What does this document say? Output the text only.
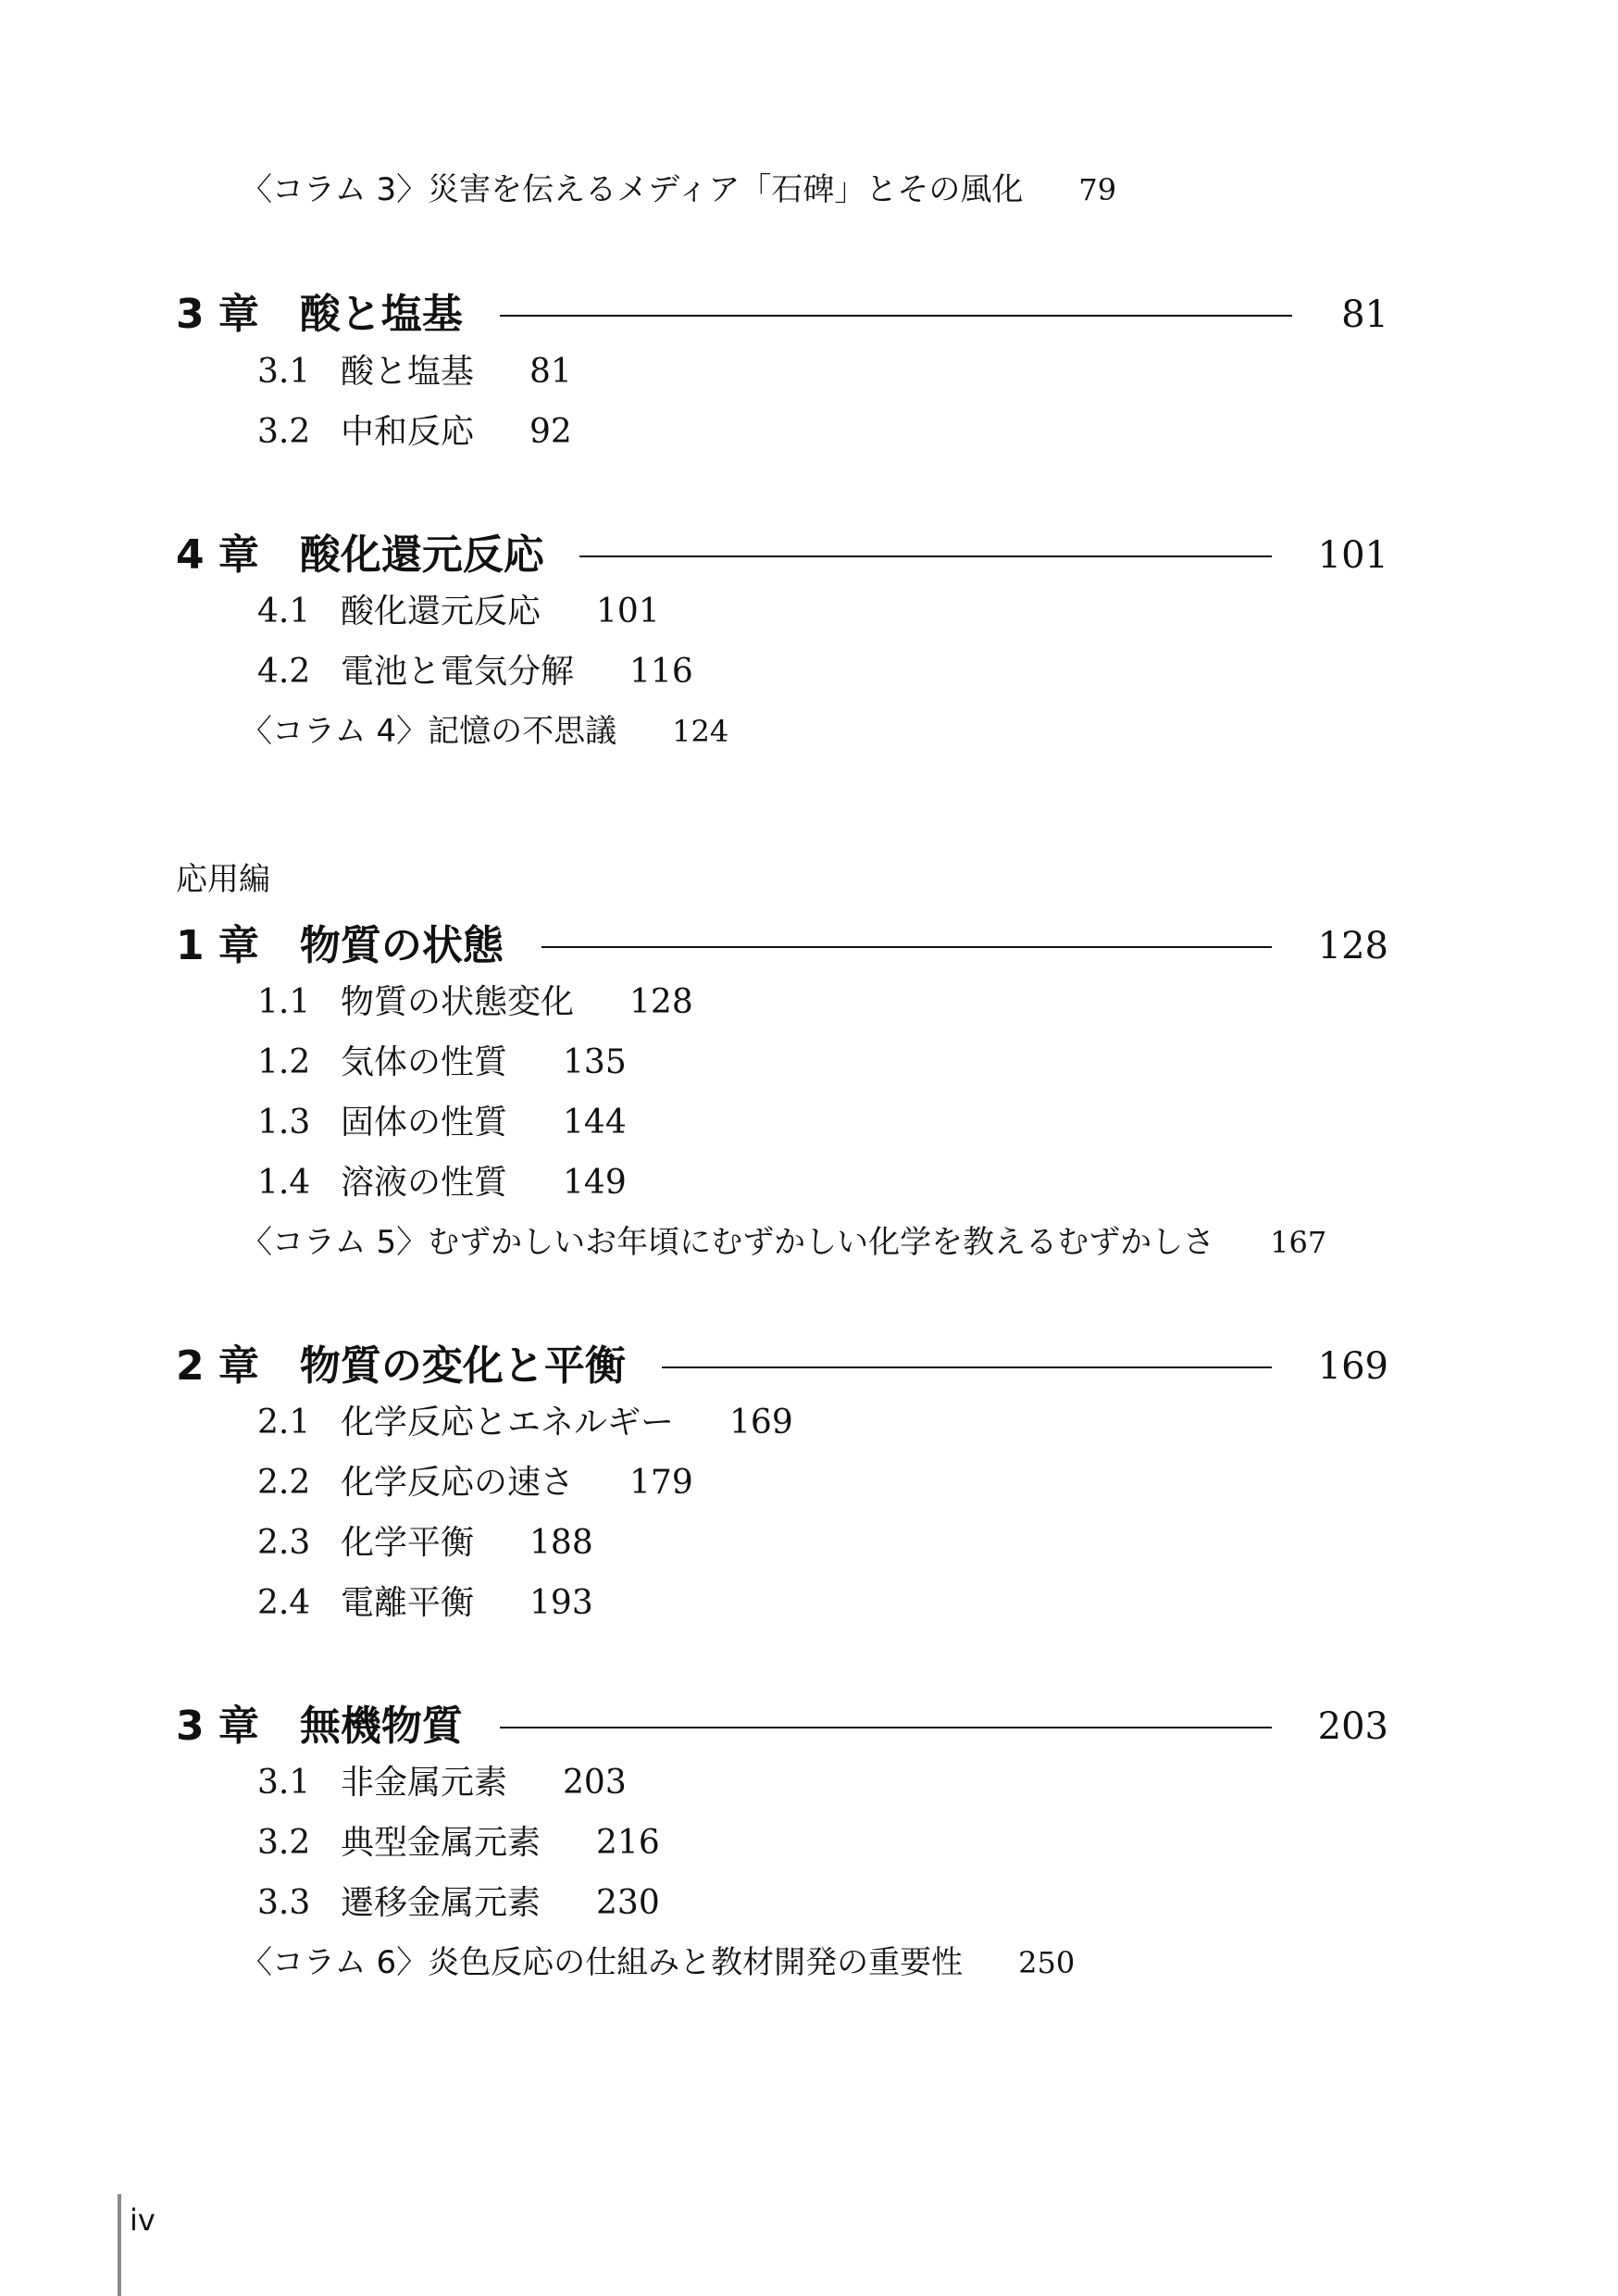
〈コラム 3〉災害を伝えるメディア「石碑」とその風化 79
3 章　酸と塩基	81
3.1 酸と塩基 81
3.2 中和反応 92
4 章　酸化還元反応	101
4.1 酸化還元反応 101
4.2 電池と電気分解 116
〈コラム 4〉記憶の不思議 124
応用編
1 章　物質の状態	128
1.1 物質の状態変化 128
1.2 気体の性質 135
1.3 固体の性質 144
1.4 溶液の性質 149
〈コラム 5〉むずかしいお年頃にむずかしい化学を教えるむずかしさ 167
2 章　物質の変化と平衡	169
2.1 化学反応とエネルギー 169
2.2 化学反応の速さ 179
2.3 化学平衡 188
2.4 電離平衡 193
3 章　無機物質	203
3.1 非金属元素 203
3.2 典型金属元素 216
3.3 遷移金属元素 230
〈コラム 6〉炎色反応の仕組みと教材開発の重要性 250
iv
